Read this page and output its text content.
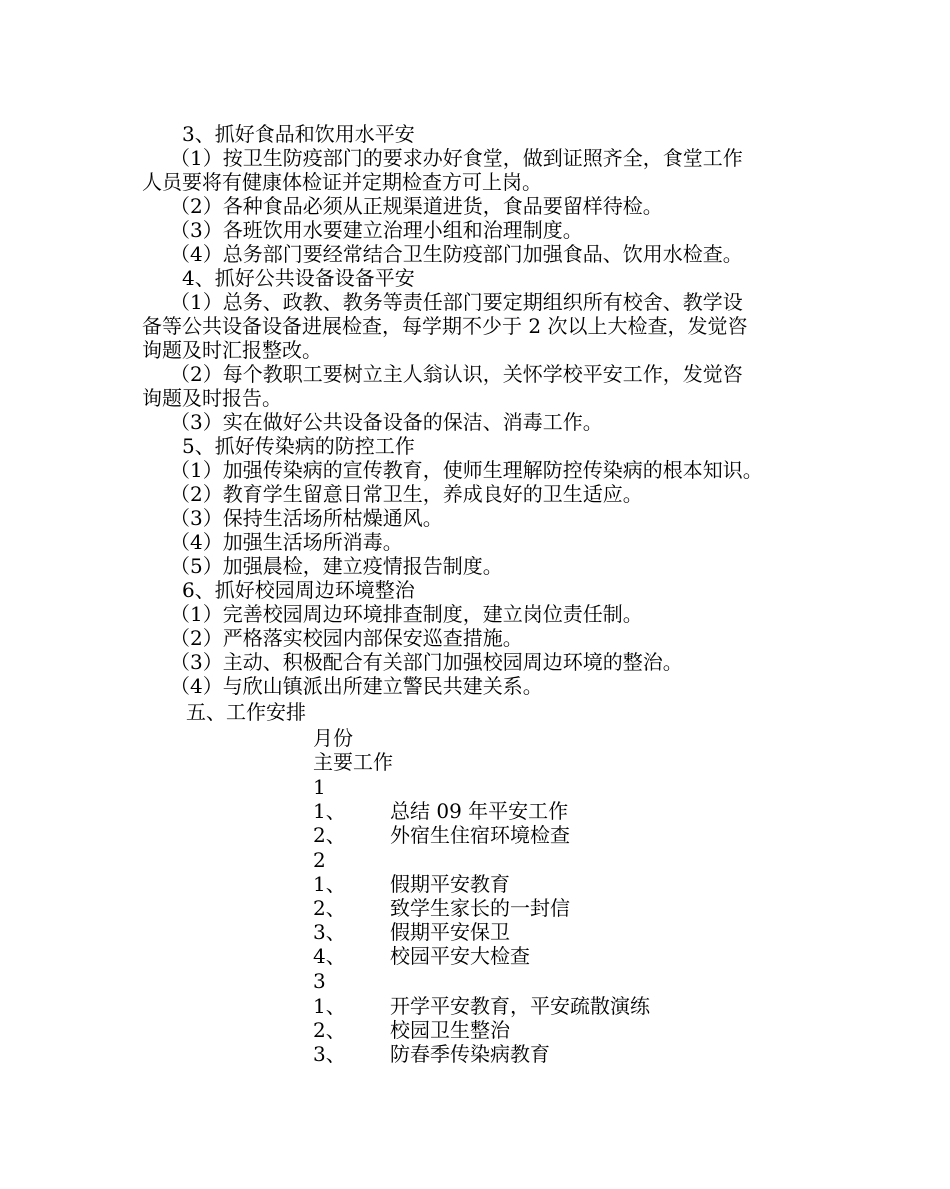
3、抓好食品和饮用水平安
（1）按卫生防疫部门的要求办好食堂，做到证照齐全，食堂工作
人员要将有健康体检证并定期检查方可上岗。
（2）各种食品必须从正规渠道进货，食品要留样待检。
（3）各班饮用水要建立治理小组和治理制度。
（4）总务部门要经常结合卫生防疫部门加强食品、饮用水检查。
4、抓好公共设备设备平安
（1）总务、政教、教务等责任部门要定期组织所有校舍、教学设
备等公共设备设备进展检查，每学期不少于 2 次以上大检查，发觉咨
询题及时汇报整改。
（2）每个教职工要树立主人翁认识，关怀学校平安工作，发觉咨
询题及时报告。
（3）实在做好公共设备设备的保洁、消毒工作。
5、抓好传染病的防控工作
（1）加强传染病的宣传教育，使师生理解防控传染病的根本知识。
（2）教育学生留意日常卫生，养成良好的卫生适应。
（3）保持生活场所枯燥通风。
（4）加强生活场所消毒。
（5）加强晨检，建立疫情报告制度。
6、抓好校园周边环境整治
（1）完善校园周边环境排查制度，建立岗位责任制。
（2）严格落实校园内部保安巡查措施。
（3）主动、积极配合有关部门加强校园周边环境的整治。
（4）与欣山镇派出所建立警民共建关系。
五、工作安排
月份
主要工作
1
1、 总结 09 年平安工作
2、 外宿生住宿环境检查
2
1、 假期平安教育
2、 致学生家长的一封信
3、 假期平安保卫
4、 校园平安大检查
3
1、 开学平安教育，平安疏散演练
2、 校园卫生整治
3、 防春季传染病教育
